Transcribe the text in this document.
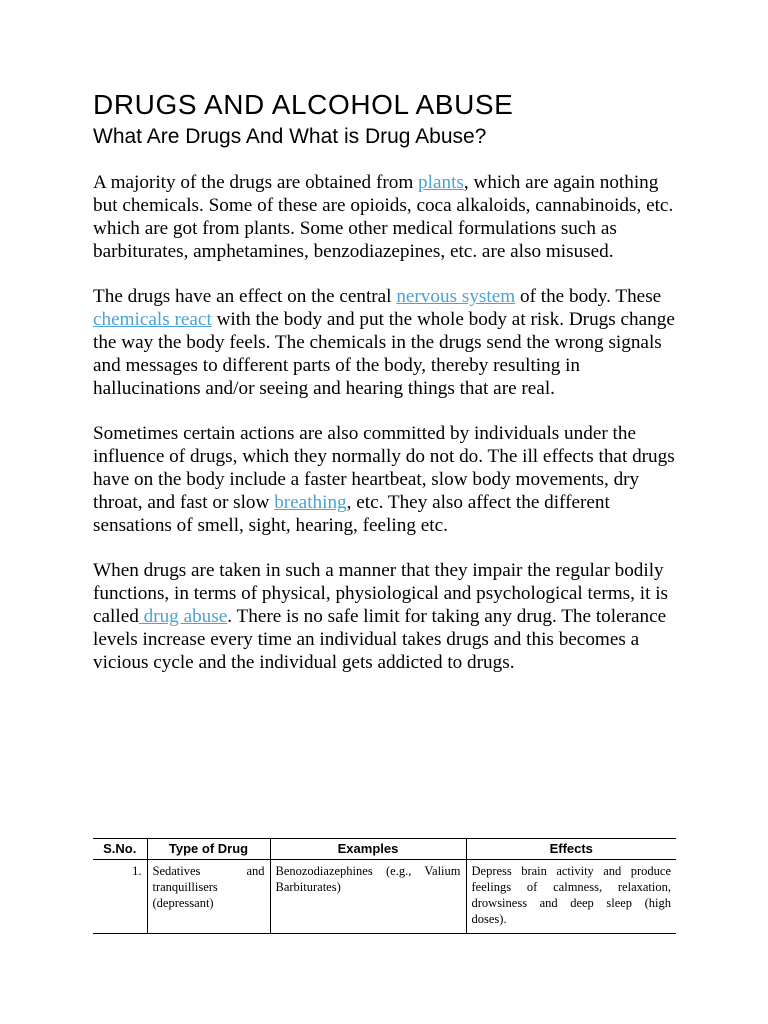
DRUGS AND ALCOHOL ABUSE
What Are Drugs And What is Drug Abuse?

A majority of the drugs are obtained from plants, which are again nothing but chemicals. Some of these are opioids, coca alkaloids, cannabinoids, etc. which are got from plants. Some other medical formulations such as barbiturates, amphetamines, benzodiazepines, etc. are also misused.

The drugs have an effect on the central nervous system of the body. These chemicals react with the body and put the whole body at risk. Drugs change the way the body feels. The chemicals in the drugs send the wrong signals and messages to different parts of the body, thereby resulting in hallucinations and/or seeing and hearing things that are real.

Sometimes certain actions are also committed by individuals under the influence of drugs, which they normally do not do. The ill effects that drugs have on the body include a faster heartbeat, slow body movements, dry throat, and fast or slow breathing, etc. They also affect the different sensations of smell, sight, hearing, feeling etc.

When drugs are taken in such a manner that they impair the regular bodily functions, in terms of physical, physiological and psychological terms, it is called drug abuse. There is no safe limit for taking any drug. The tolerance levels increase every time an individual takes drugs and this becomes a vicious cycle and the individual gets addicted to drugs.

S.No.	Type of Drug	Examples	Effects
1.	Sedatives and tranquillisers (depressant)	Benozodiazephines (e.g., Valium Barbiturates)	Depress brain activity and produce feelings of calmness, relaxation, drowsiness and deep sleep (high doses).
